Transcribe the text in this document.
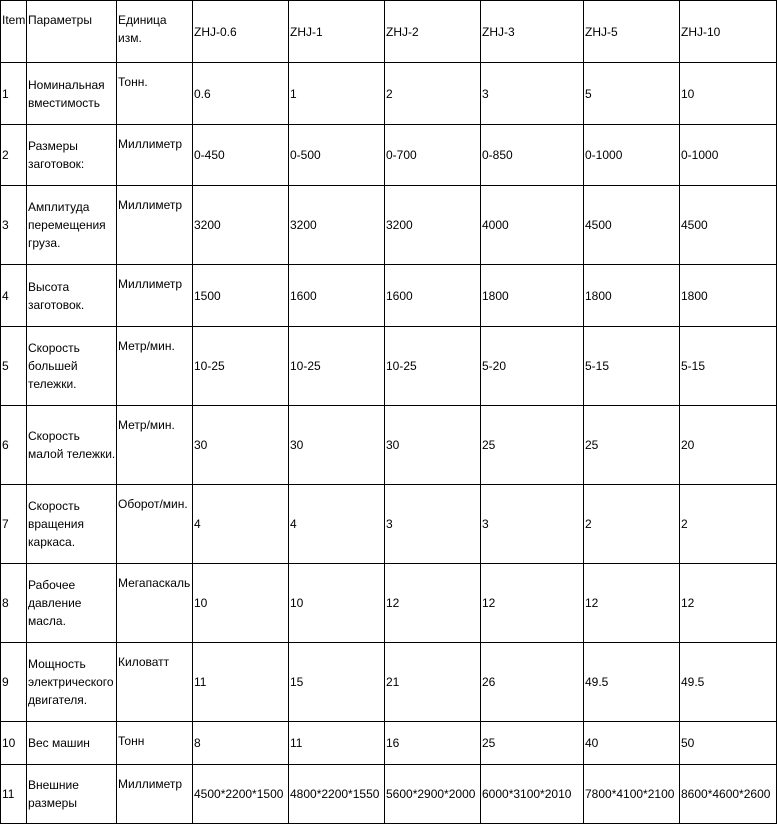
Item	Параметры	Единица изм.	ZHJ-0.6	ZHJ-1	ZHJ-2	ZHJ-3	ZHJ-5	ZHJ-10
1	Номинальная вместимость	Тонн.	0.6	1	2	3	5	10
2	Размеры заготовок:	Миллиметр	0-450	0-500	0-700	0-850	0-1000	0-1000
3	Амплитуда перемещения груза.	Миллиметр	3200	3200	3200	4000	4500	4500
4	Высота заготовок.	Миллиметр	1500	1600	1600	1800	1800	1800
5	Скорость большей тележки.	Метр/мин.	10-25	10-25	10-25	5-20	5-15	5-15
6	Скорость малой тележки.	Метр/мин.	30	30	30	25	25	20
7	Скорость вращения каркаса.	Оборот/мин.	4	4	3	3	2	2
8	Рабочее давление масла.	Мегапаскаль	10	10	12	12	12	12
9	Мощность электрического двигателя.	Киловатт	11	15	21	26	49.5	49.5
10	Вес машин	Тонн	8	11	16	25	40	50
11	Внешние размеры	Миллиметр	4500*2200*1500	4800*2200*1550	5600*2900*2000	6000*3100*2010	7800*4100*2100	8600*4600*2600
